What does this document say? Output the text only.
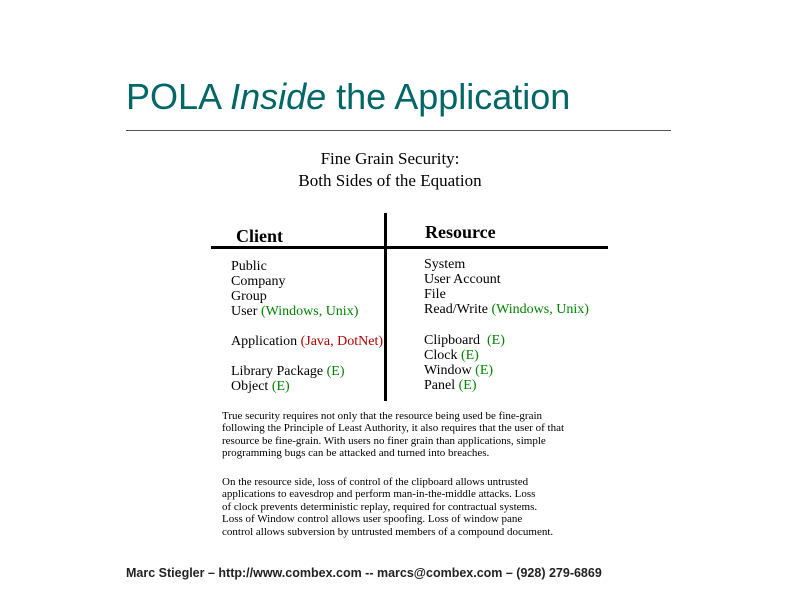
POLA Inside the Application
Fine Grain Security:
Both Sides of the Equation
Client	Resource
Public
Company
Group
User (Windows, Unix)
Application (Java, DotNet)
Library Package (E)
Object (E)
System
User Account
File
Read/Write (Windows, Unix)
Clipboard (E)
Clock (E)
Window (E)
Panel (E)
True security requires not only that the resource being used be fine-grain
following the Principle of Least Authority, it also requires that the user of that
resource be fine-grain. With users no finer grain than applications, simple
programming bugs can be attacked and turned into breaches.
On the resource side, loss of control of the clipboard allows untrusted
applications to eavesdrop and perform man-in-the-middle attacks. Loss
of clock prevents deterministic replay, required for contractual systems.
Loss of Window control allows user spoofing. Loss of window pane
control allows subversion by untrusted members of a compound document.
Marc Stiegler – http://www.combex.com -- marcs@combex.com – (928) 279-6869
